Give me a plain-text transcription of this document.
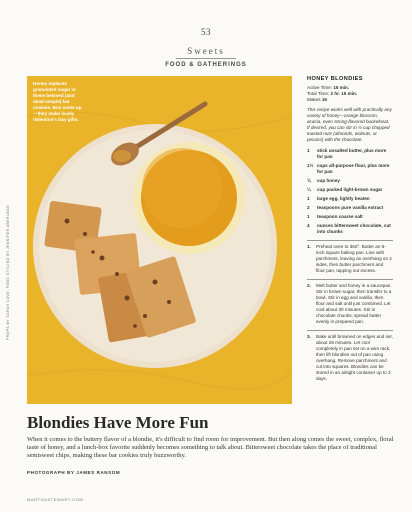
53
Sweets
FOOD & GATHERINGS
Honey replaces granulated sugar in these beloved (and dead-simple) bar cookies. Box some up—they make lovely Valentine's Day gifts.
PROPS BY SARAH CAVE; FOOD STYLING BY JENNIFER ABERLMAN
HONEY BLONDIES
Active Time: 15 min.
Total Time: 2 hr. 15 min.
Makes 16
This recipe works well with practically any variety of honey—orange blossom, acacia, even strong-flavored buckwheat. If desired, you can stir in ½ cup chopped toasted nuts (almonds, walnuts, or pecans) with the chocolate.
1	stick unsalted butter, plus more for pan
1½ cups all-purpose flour, plus more for pan
¾	cup honey
¼	cup packed light-brown sugar
1	large egg, lightly beaten
2	teaspoons pure vanilla extract
1	teaspoon coarse salt
4	ounces bittersweet chocolate, cut into chunks
1.	Preheat oven to 350°. Butter an 8-inch square baking pan. Line with parchment, leaving an overhang on 2 sides, then butter parchment and flour pan, tapping out excess.
2.	Melt butter and honey in a saucepan. Stir in brown sugar, then transfer to a bowl. Stir in egg and vanilla, then flour and salt until just combined. Let cool about 30 minutes. Stir in chocolate chunks; spread batter evenly in prepared pan.
3.	Bake until browned on edges and set, about 28 minutes. Let cool completely in pan set on a wire rack, then lift blondies out of pan using overhang. Remove parchment and cut into squares. Blondies can be stored in an airtight container up to 3 days.
Blondies Have More Fun
When it comes to the buttery flavor of a blondie, it's difficult to find room for improvement. But then along comes the sweet, complex, floral taste of honey, and a lunch-box favorite suddenly becomes something to talk about. Bittersweet chocolate takes the place of traditional semisweet chips, making these bar cookies truly buzzworthy.
PHOTOGRAPH BY JAMES RANSOM
MARTHASTEWART.COM
